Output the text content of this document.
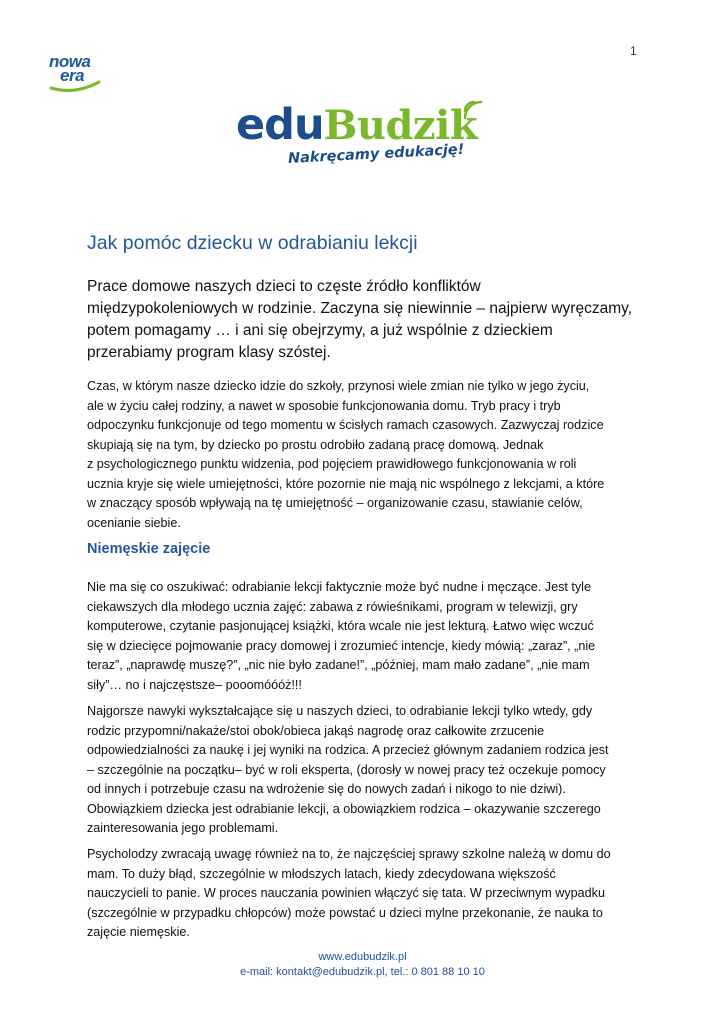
1
nowa
era
eduBudzik
Nakręcamy edukację!
Jak pomóc dziecku w odrabianiu lekcji
Prace domowe naszych dzieci to częste źródło konfliktów
międzypokoleniowych w rodzinie. Zaczyna się niewinnie – najpierw wyręczamy,
potem pomagamy … i ani się obejrzymy, a już wspólnie z dzieckiem
przerabiamy program klasy szóstej.
Czas, w którym nasze dziecko idzie do szkoły, przynosi wiele zmian nie tylko w jego życiu,
ale w życiu całej rodziny, a nawet w sposobie funkcjonowania domu. Tryb pracy i tryb
odpoczynku funkcjonuje od tego momentu w ścisłych ramach czasowych. Zazwyczaj rodzice
skupiają się na tym, by dziecko po prostu odrobiło zadaną pracę domową. Jednak
z psychologicznego punktu widzenia, pod pojęciem prawidłowego funkcjonowania w roli
ucznia kryje się wiele umiejętności, które pozornie nie mają nic wspólnego z lekcjami, a które
w znaczący sposób wpływają na tę umiejętność – organizowanie czasu, stawianie celów,
ocenianie siebie.
Niemęskie zajęcie
Nie ma się co oszukiwać: odrabianie lekcji faktycznie może być nudne i męczące. Jest tyle
ciekawszych dla młodego ucznia zajęć: zabawa z rówieśnikami, program w telewizji, gry
komputerowe, czytanie pasjonującej książki, która wcale nie jest lekturą. Łatwo więc wczuć
się w dziecięce pojmowanie pracy domowej i zrozumieć intencje, kiedy mówią: „zaraz”, „nie
teraz”, „naprawdę muszę?”, „nic nie było zadane!”, „później, mam mało zadane”, „nie mam
siły”… no i najczęstsze– pooomóóóż!!!
Najgorsze nawyki wykształcające się u naszych dzieci, to odrabianie lekcji tylko wtedy, gdy
rodzic przypomni/nakaże/stoi obok/obieca jakąś nagrodę oraz całkowite zrzucenie
odpowiedzialności za naukę i jej wyniki na rodzica. A przecież głównym zadaniem rodzica jest
– szczególnie na początku– być w roli eksperta, (dorosły w nowej pracy też oczekuje pomocy
od innych i potrzebuje czasu na wdrożenie się do nowych zadań i nikogo to nie dziwi).
Obowiązkiem dziecka jest odrabianie lekcji, a obowiązkiem rodzica – okazywanie szczerego
zainteresowania jego problemami.
Psycholodzy zwracają uwagę również na to, że najczęściej sprawy szkolne należą w domu do
mam. To duży błąd, szczególnie w młodszych latach, kiedy zdecydowana większość
nauczycieli to panie. W proces nauczania powinien włączyć się tata. W przeciwnym wypadku
(szczególnie w przypadku chłopców) może powstać u dzieci mylne przekonanie, że nauka to
zajęcie niemęskie.
www.edubudzik.pl
e-mail: kontakt@edubudzik.pl, tel.: 0 801 88 10 10
